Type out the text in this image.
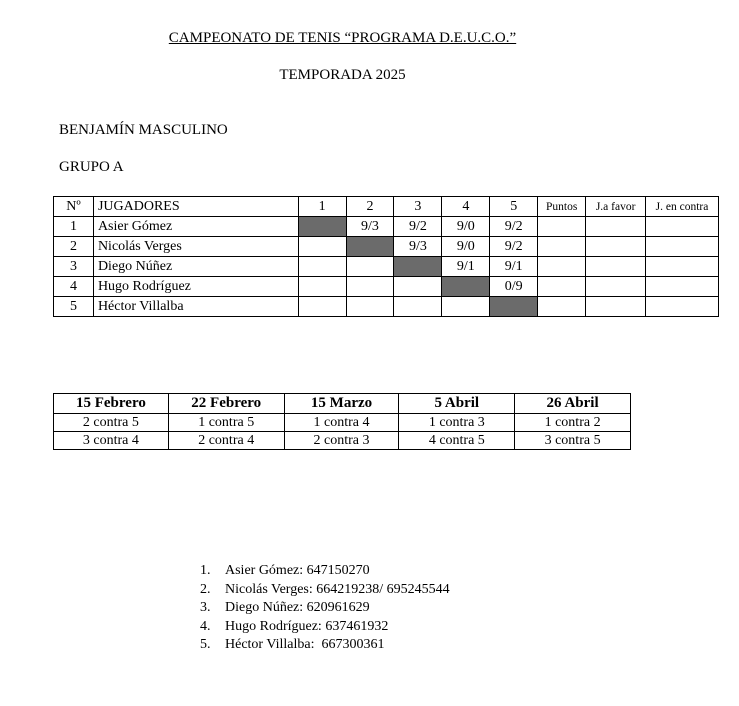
CAMPEONATO DE TENIS “PROGRAMA D.E.U.C.O.”
TEMPORADA 2025
BENJAMÍN MASCULINO
GRUPO A
Nº	JUGADORES	1	2	3	4	5	Puntos	J.a favor	J. en contra
1	Asier Gómez		9/3	9/2	9/0	9/2			
2	Nicolás Verges			9/3	9/0	9/2			
3	Diego Núñez				9/1	9/1			
4	Hugo Rodríguez					0/9			
5	Héctor Villalba								
15 Febrero	22 Febrero	15 Marzo	5 Abril	26 Abril
2 contra 5	1 contra 5	1 contra 4	1 contra 3	1 contra 2
3 contra 4	2 contra 4	2 contra 3	4 contra 5	3 contra 5
1.	Asier Gómez: 647150270
2.	Nicolás Verges: 664219238/ 695245544
3.	Diego Núñez: 620961629
4.	Hugo Rodríguez: 637461932
5.	Héctor Villalba:  667300361
